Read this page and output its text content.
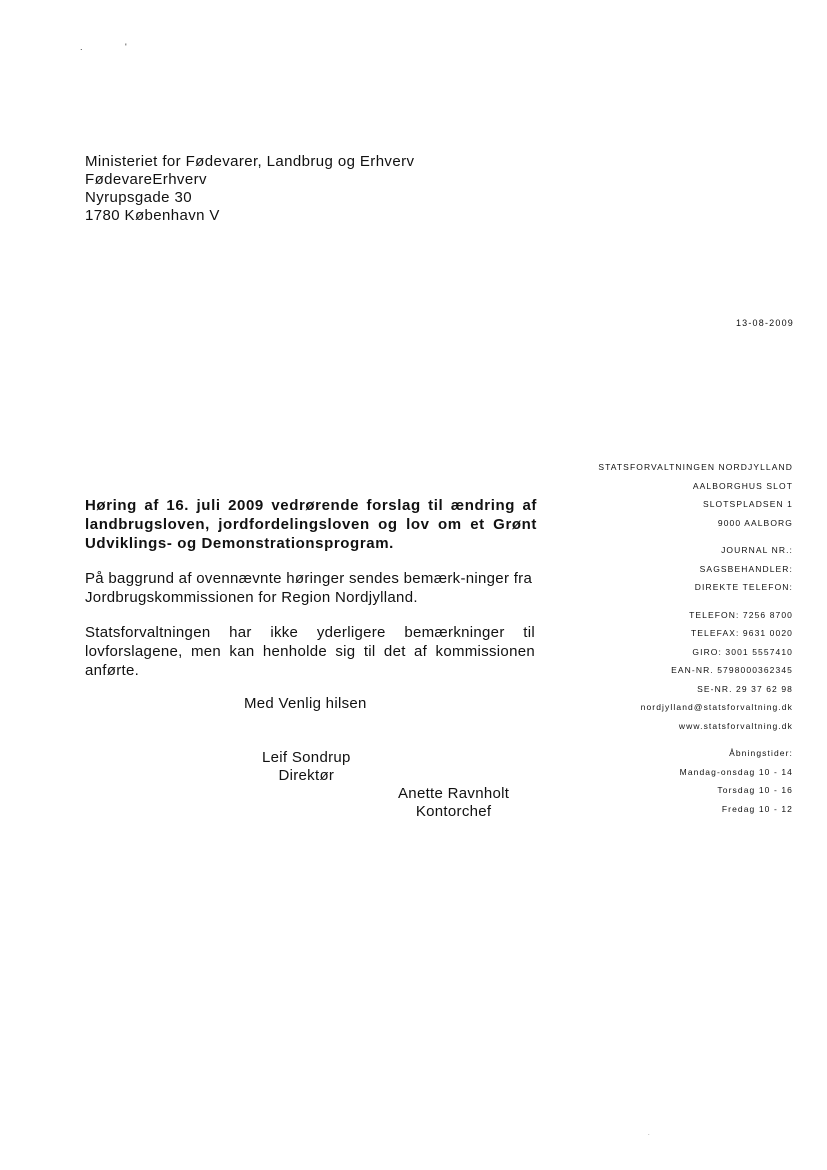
.	'
Ministeriet for Fødevarer, Landbrug og Erhverv
FødevareErhverv
Nyrupsgade 30
1780 København V
13-08-2009
Høring af 16. juli 2009 vedrørende forslag til ændring af landbrugsloven, jordfordelingsloven og lov om et Grønt Udviklings- og Demonstrationsprogram.
På baggrund af ovennævnte høringer sendes bemærk-ninger fra Jordbrugskommissionen for Region Nordjylland.
Statsforvaltningen har ikke yderligere bemærkninger til lovforslagene, men kan henholde sig til det af kommissionen anførte.
Med Venlig hilsen
Leif Sondrup
Direktør
Anette Ravnholt
Kontorchef
STATSFORVALTNINGEN NORDJYLLAND
AALBORGHUS SLOT
SLOTSPLADSEN 1
9000 AALBORG
JOURNAL NR.:
SAGSBEHANDLER:
DIREKTE TELEFON:
TELEFON: 7256 8700
TELEFAX: 9631 0020
GIRO: 3001 5557410
EAN-NR. 5798000362345
SE-NR. 29 37 62 98
nordjylland@statsforvaltning.dk
www.statsforvaltning.dk
Åbningstider:
Mandag-onsdag 10 - 14
Torsdag 10 - 16
Fredag 10 - 12
.
